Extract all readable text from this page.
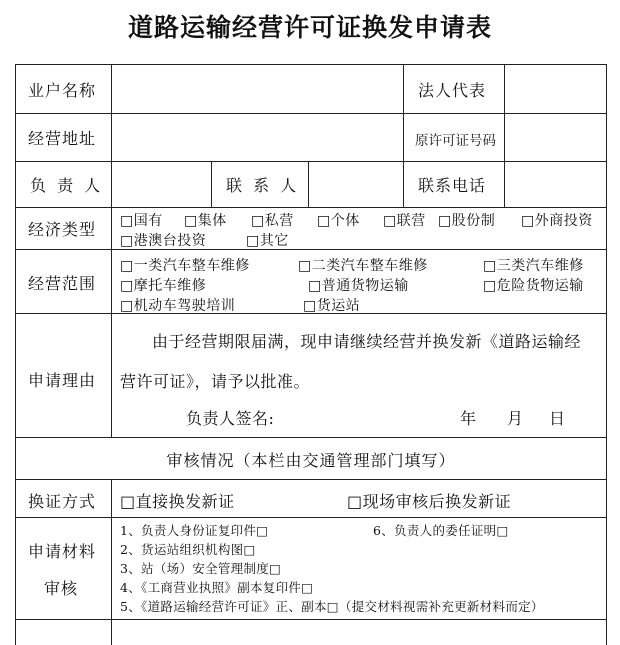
道路运输经营许可证换发申请表
业户名称	法人代表
经营地址	原许可证号码
负 责 人	联 系 人	联系电话
经济类型 □国有 □集体 □私营 □个体 □联营 □股份制 □外商投资
□港澳台投资	□其它
经营范围
□一类汽车整车维修	□二类汽车整车维修	□三类汽车维修
□摩托车维修	□普通货物运输	□危险货物运输
□机动车驾驶培训	□货运站
申请理由
由于经营期限届满，现申请继续经营并换发新《道路运输经
营许可证》，请予以批准。
负责人签名:	年 月 日
审核情况（本栏由交通管理部门填写）
换证方式 □直接换发新证	□现场审核后换发新证
申请材料
审核
1、负责人身份证复印件□	6、负责人的委任证明□
2、货运站组织机构图□
3、站（场）安全管理制度□
4、《工商营业执照》副本复印件□
5、《道路运输经营许可证》正、副本□（提交材料视需补充更新材料而定）
